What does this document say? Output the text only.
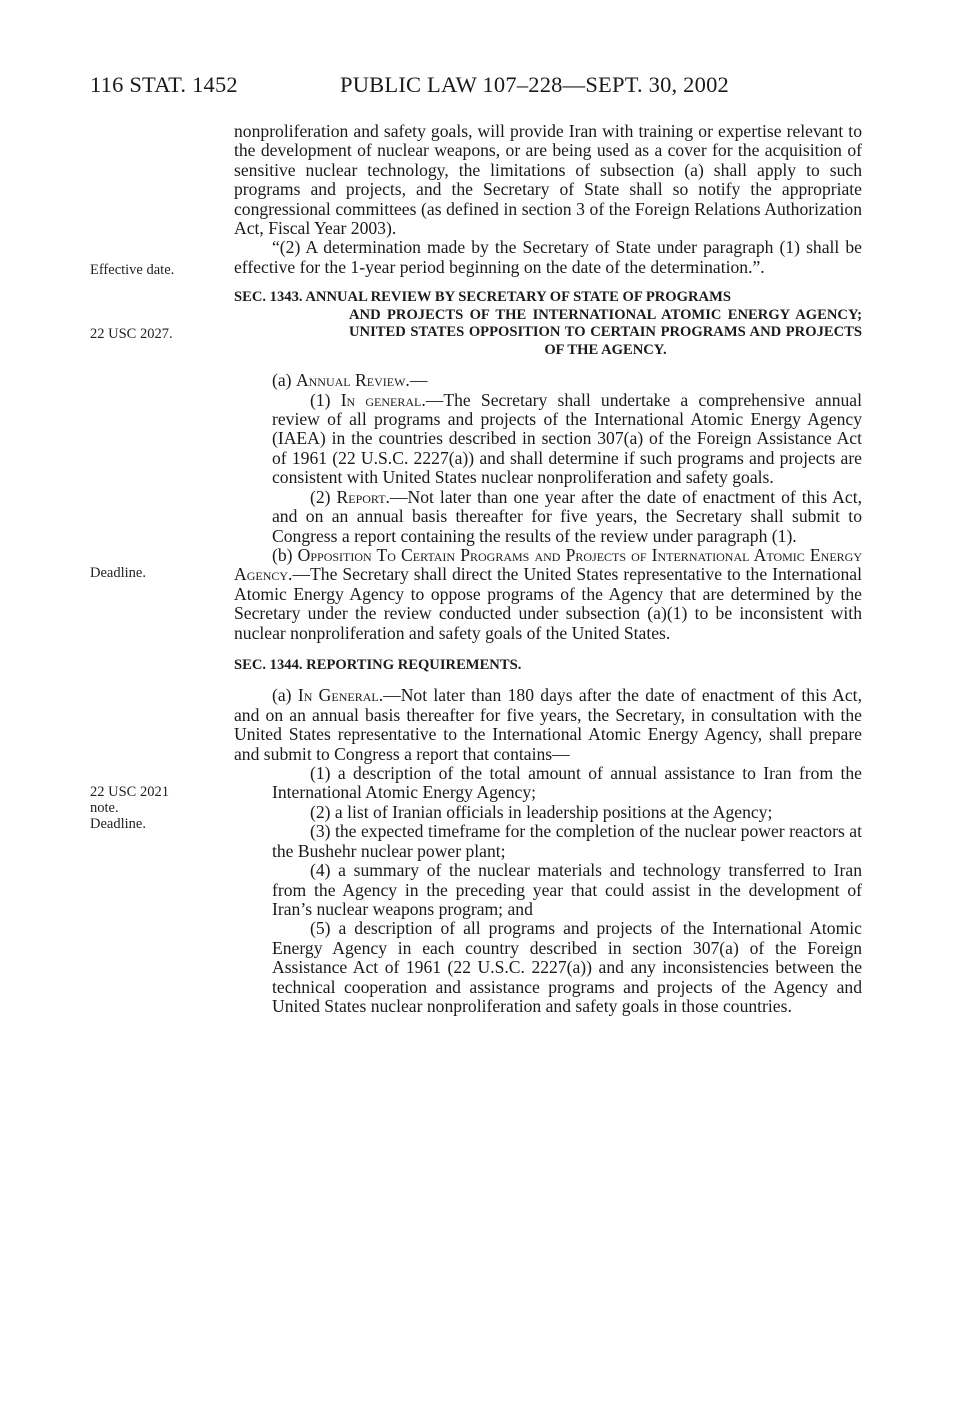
116 STAT. 1452	PUBLIC LAW 107–228—SEPT. 30, 2002
Effective date.
22 USC 2027.
Deadline.
22 USC 2021
note.
Deadline.

nonproliferation and safety goals, will provide Iran with training or expertise relevant to the development of nuclear weapons, or are being used as a cover for the acquisition of sensitive nuclear technology, the limitations of subsection (a) shall apply to such programs and projects, and the Secretary of State shall so notify the appropriate congressional committees (as defined in section 3 of the Foreign Relations Authorization Act, Fiscal Year 2003).

“(2) A determination made by the Secretary of State under paragraph (1) shall be effective for the 1-year period beginning on the date of the determination.”.

SEC. 1343. ANNUAL REVIEW BY SECRETARY OF STATE OF PROGRAMS
AND PROJECTS OF THE INTERNATIONAL ATOMIC ENERGY AGENCY; UNITED STATES OPPOSITION TO CERTAIN PROGRAMS AND PROJECTS OF THE AGENCY.

(a) Annual Review.—

(1) In general.—The Secretary shall undertake a comprehensive annual review of all programs and projects of the International Atomic Energy Agency (IAEA) in the countries described in section 307(a) of the Foreign Assistance Act of 1961 (22 U.S.C. 2227(a)) and shall determine if such programs and projects are consistent with United States nuclear nonproliferation and safety goals.

(2) Report.—Not later than one year after the date of enactment of this Act, and on an annual basis thereafter for five years, the Secretary shall submit to Congress a report containing the results of the review under paragraph (1).

(b) Opposition To Certain Programs and Projects of International Atomic Energy Agency.—The Secretary shall direct the United States representative to the International Atomic Energy Agency to oppose programs of the Agency that are determined by the Secretary under the review conducted under subsection (a)(1) to be inconsistent with nuclear nonproliferation and safety goals of the United States.

SEC. 1344. REPORTING REQUIREMENTS.

(a) In General.—Not later than 180 days after the date of enactment of this Act, and on an annual basis thereafter for five years, the Secretary, in consultation with the United States representative to the International Atomic Energy Agency, shall prepare and submit to Congress a report that contains—

(1) a description of the total amount of annual assistance to Iran from the International Atomic Energy Agency;

(2) a list of Iranian officials in leadership positions at the Agency;

(3) the expected timeframe for the completion of the nuclear power reactors at the Bushehr nuclear power plant;

(4) a summary of the nuclear materials and technology transferred to Iran from the Agency in the preceding year that could assist in the development of Iran’s nuclear weapons program; and

(5) a description of all programs and projects of the International Atomic Energy Agency in each country described in section 307(a) of the Foreign Assistance Act of 1961 (22 U.S.C. 2227(a)) and any inconsistencies between the technical cooperation and assistance programs and projects of the Agency and United States nuclear nonproliferation and safety goals in those countries.
